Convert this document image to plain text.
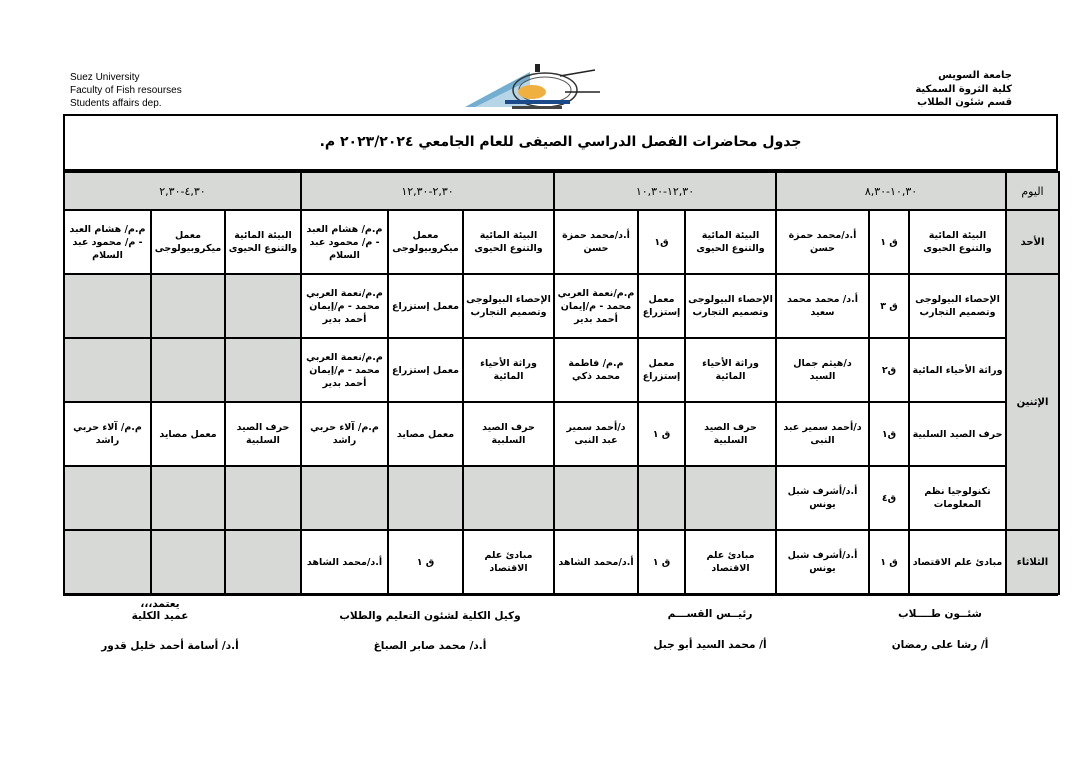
Suez University
Faculty of Fish resourses
Students affairs dep.
جامعة السويس
كلية الثروة السمكية
قسم شئون الطلاب
جدول محاضرات الفصل الدراسي الصيفى للعام الجامعي ٢٠٢٣/٢٠٢٤ م.
اليوم	١٠,٣٠-٨,٣٠			١٢,٣٠-١٠,٣٠			٢,٣٠-١٢,٣٠			٤,٣٠-٢,٣٠		
الأحد	البيئة المائية والتنوع الحيوى	ق ١	أ.د/محمد حمزة حسن	البيئة المائية والتنوع الحيوى	ق١	أ.د/محمد حمزة حسن	البيئة المائية والتنوع الحيوى	معمل ميكروبيولوجى	م.م/ هشام العبد - م/ محمود عبد السلام	البيئة المائية والتنوع الحيوى	معمل ميكروبيولوجى	م.م/ هشام العبد - م/ محمود عبد السلام
الإثنين	الإحصاء البيولوجى وتصميم التجارب	ق ٣	أ.د/ محمد محمد سعيد	الإحصاء البيولوجى وتصميم التجارب	معمل إستزراع	م.م/نعمة العربي محمد - م/إيمان أحمد بدير	الإحصاء البيولوجى وتصميم التجارب	معمل إستزراع	م.م/نعمة العربي محمد - م/إيمان أحمد بدير			
	وراثة الأحياء المائية	ق٢	د/هيثم جمال السيد	وراثة الأحياء المائية	معمل إستزراع	م.م/ فاطمة محمد ذكي	وراثة الأحياء المائية	معمل إستزراع	م.م/نعمة العربي محمد - م/إيمان أحمد بدير			
	حرف الصيد السلبية	ق١	د/أحمد سمير عبد النبى	حرف الصيد السلبية	ق ١	د/أحمد سمير عبد النبى	حرف الصيد السلبية	معمل مصايد	م.م/ آلاء حربي راشد	حرف الصيد السلبية	معمل مصايد	م.م/ آلاء حربي راشد
	تكنولوجيا نظم المعلومات	ق٤	أ.د/أشرف شبل يونس									
الثلاثاء	مبادئ علم الاقتصاد	ق ١	أ.د/أشرف شبل يونس	مبادئ علم الاقتصاد	ق ١	أ.د/محمد الشاهد	مبادئ علم الاقتصاد	ق ١	أ.د/محمد الشاهد			
شئــون طــــلاب
أ/ رشا على رمضان
رئيــس القســـم
أ/ محمد السيد أبو جبل
وكيل الكلية لشئون التعليم والطلاب
أ.د/ محمد صابر الصباغ
يعتمد،،،
عميد الكلية
أ.د/ أسامة أحمد خليل قدور
